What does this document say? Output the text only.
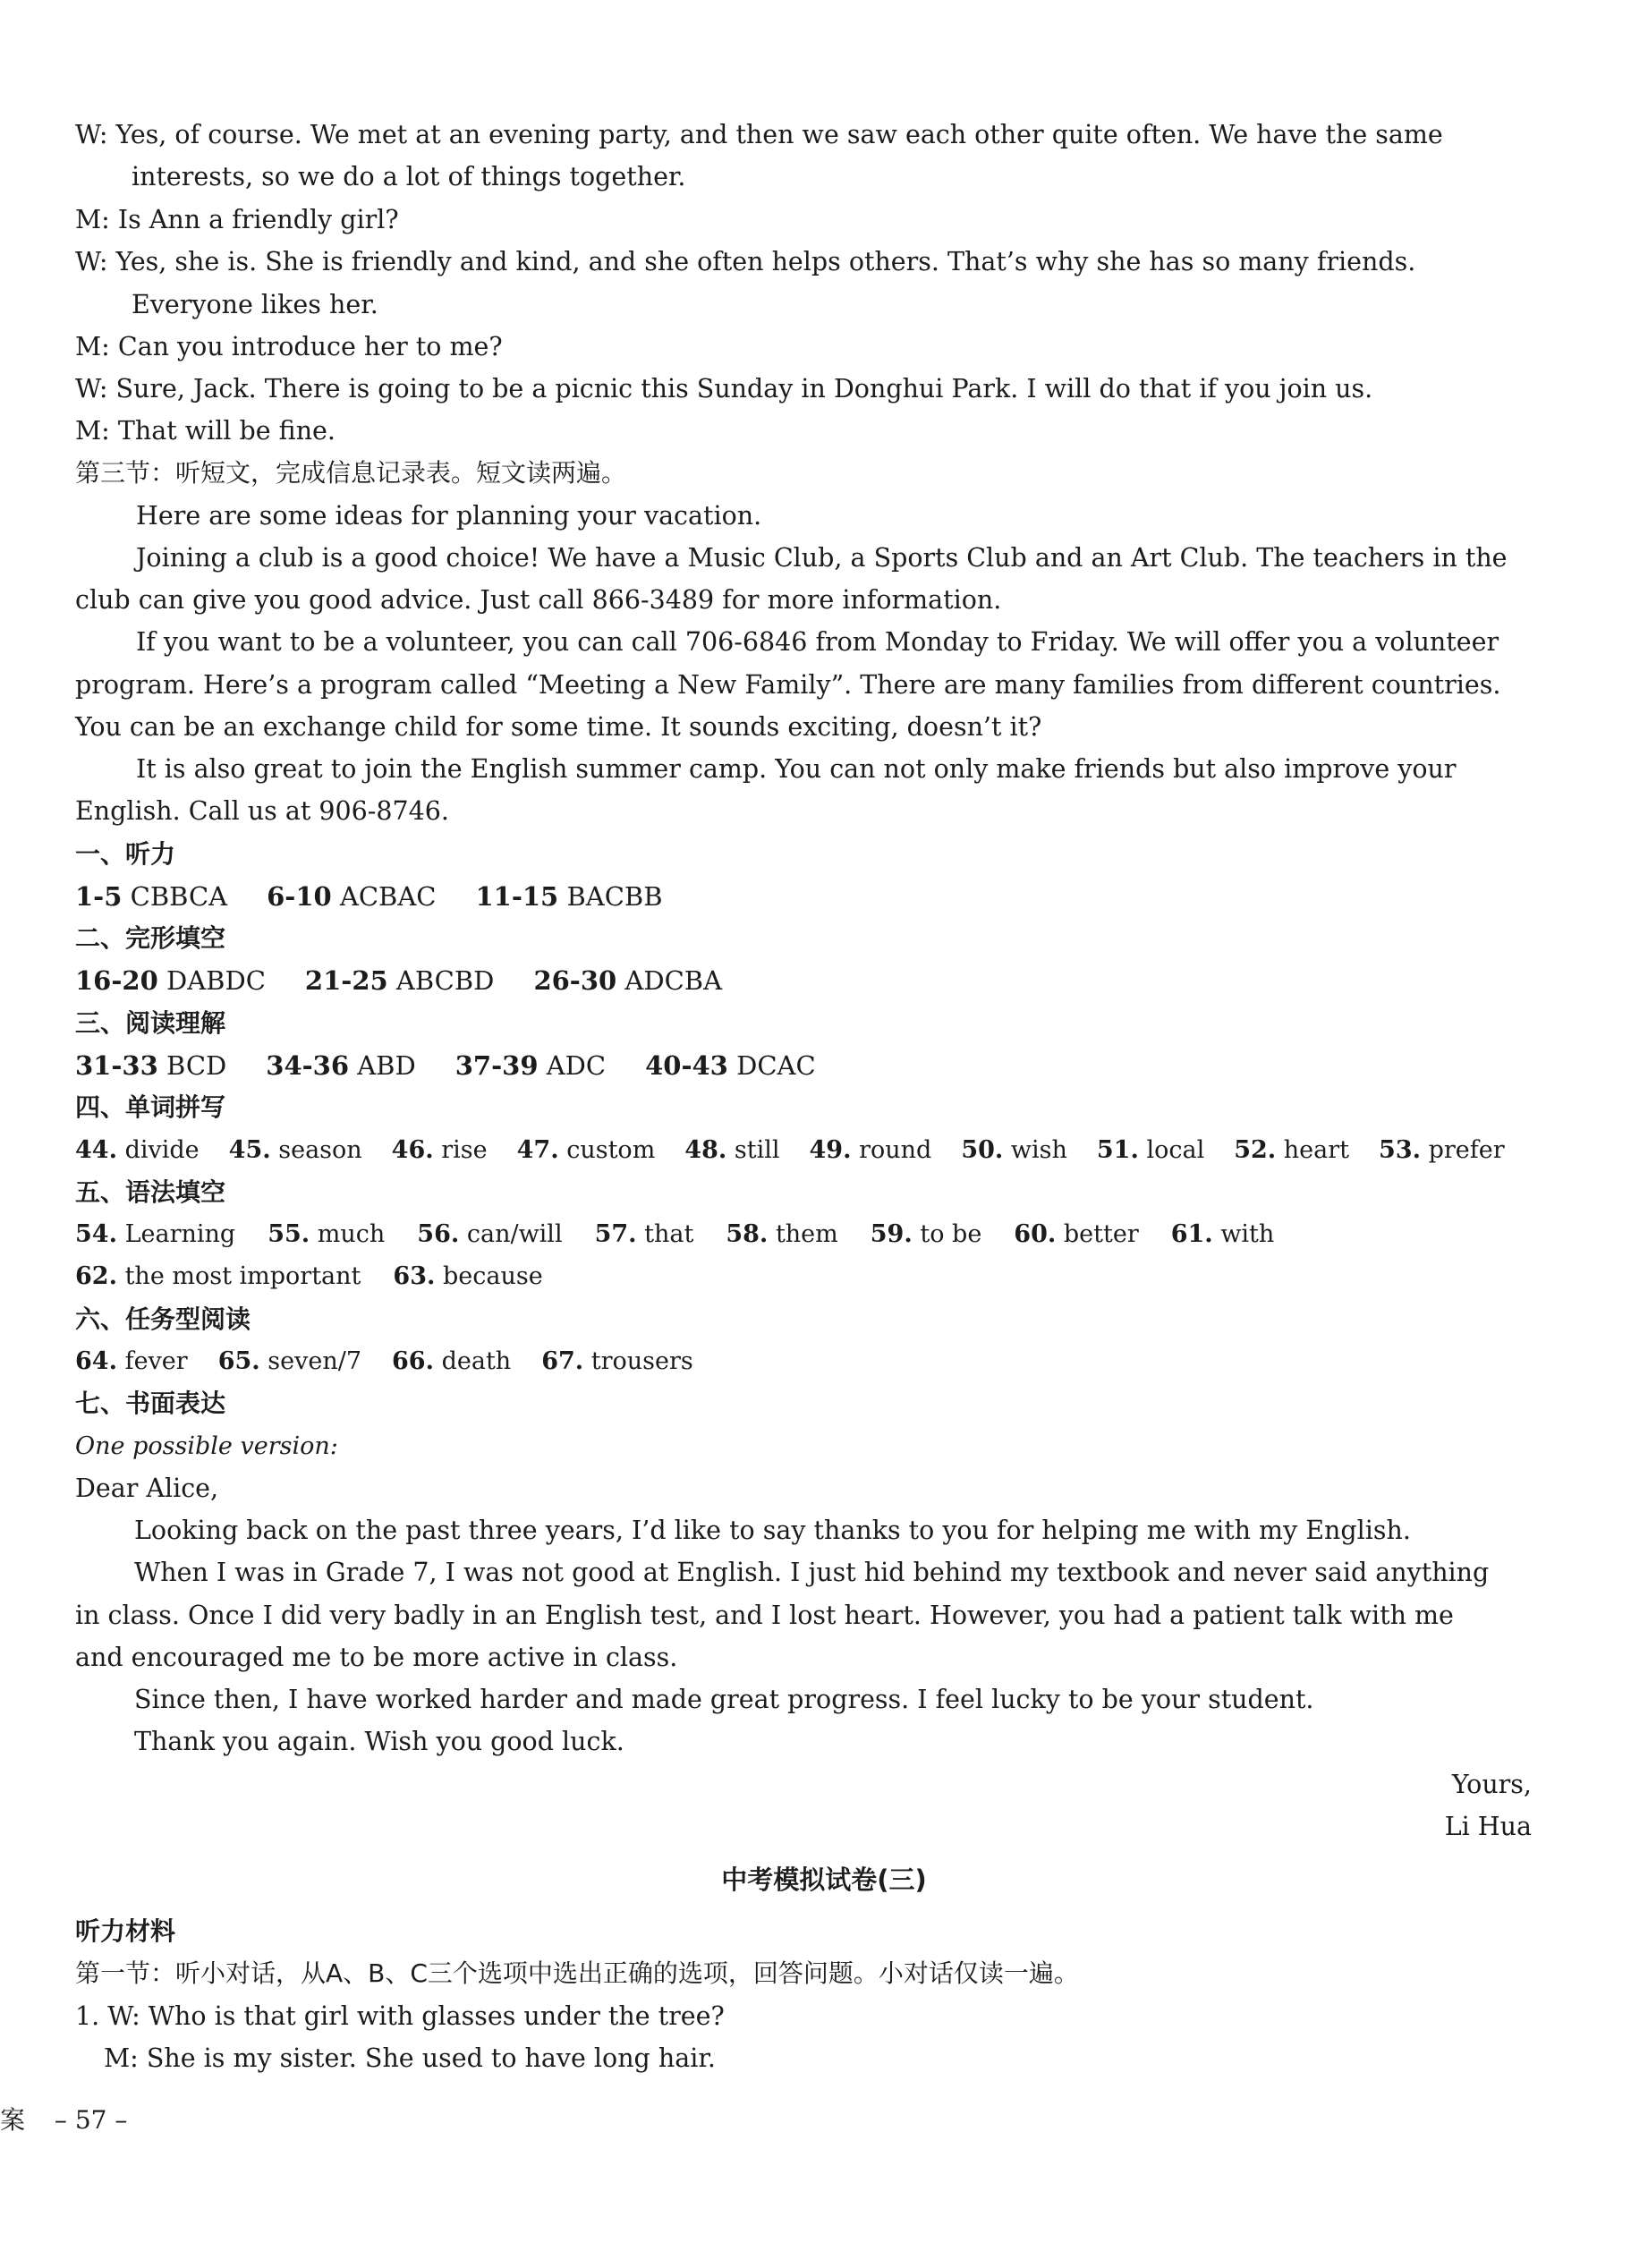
W: Yes, of course. We met at an evening party, and then we saw each other quite often. We have the same
interests, so we do a lot of things together.
M: Is Ann a friendly girl?
W: Yes, she is. She is friendly and kind, and she often helps others. That’s why she has so many friends.
Everyone likes her.
M: Can you introduce her to me?
W: Sure, Jack. There is going to be a picnic this Sunday in Donghui Park. I will do that if you join us.
M: That will be fine.
第三节：听短文，完成信息记录表。短文读两遍。
Here are some ideas for planning your vacation.
Joining a club is a good choice! We have a Music Club, a Sports Club and an Art Club. The teachers in the
club can give you good advice. Just call 866-3489 for more information.
If you want to be a volunteer, you can call 706-6846 from Monday to Friday. We will offer you a volunteer
program. Here’s a program called “Meeting a New Family”. There are many families from different countries.
You can be an exchange child for some time. It sounds exciting, doesn’t it?
It is also great to join the English summer camp. You can not only make friends but also improve your
English. Call us at 906-8746.
一、听力
1-5 CBBCA 6-10 ACBAC 11-15 BACBB
二、完形填空
16-20 DABDC 21-25 ABCBD 26-30 ADCBA
三、阅读理解
31-33 BCD 34-36 ABD 37-39 ADC 40-43 DCAC
四、单词拼写
44. divide 45. season 46. rise 47. custom 48. still 49. round 50. wish 51. local 52. heart 53. prefer
五、语法填空
54. Learning 55. much 56. can/will 57. that 58. them 59. to be 60. better 61. with
62. the most important 63. because
六、任务型阅读
64. fever 65. seven/7 66. death 67. trousers
七、书面表达
One possible version:
Dear Alice,
Looking back on the past three years, I’d like to say thanks to you for helping me with my English.
When I was in Grade 7, I was not good at English. I just hid behind my textbook and never said anything
in class. Once I did very badly in an English test, and I lost heart. However, you had a patient talk with me
and encouraged me to be more active in class.
Since then, I have worked harder and made great progress. I feel lucky to be your student.
Thank you again. Wish you good luck.
Yours,
Li Hua
中考模拟试卷(三)
听力材料
第一节：听小对话，从A、B、C三个选项中选出正确的选项，回答问题。小对话仅读一遍。
1. W: Who is that girl with glasses under the tree?
M: She is my sister. She used to have long hair.
案 – 57 –
